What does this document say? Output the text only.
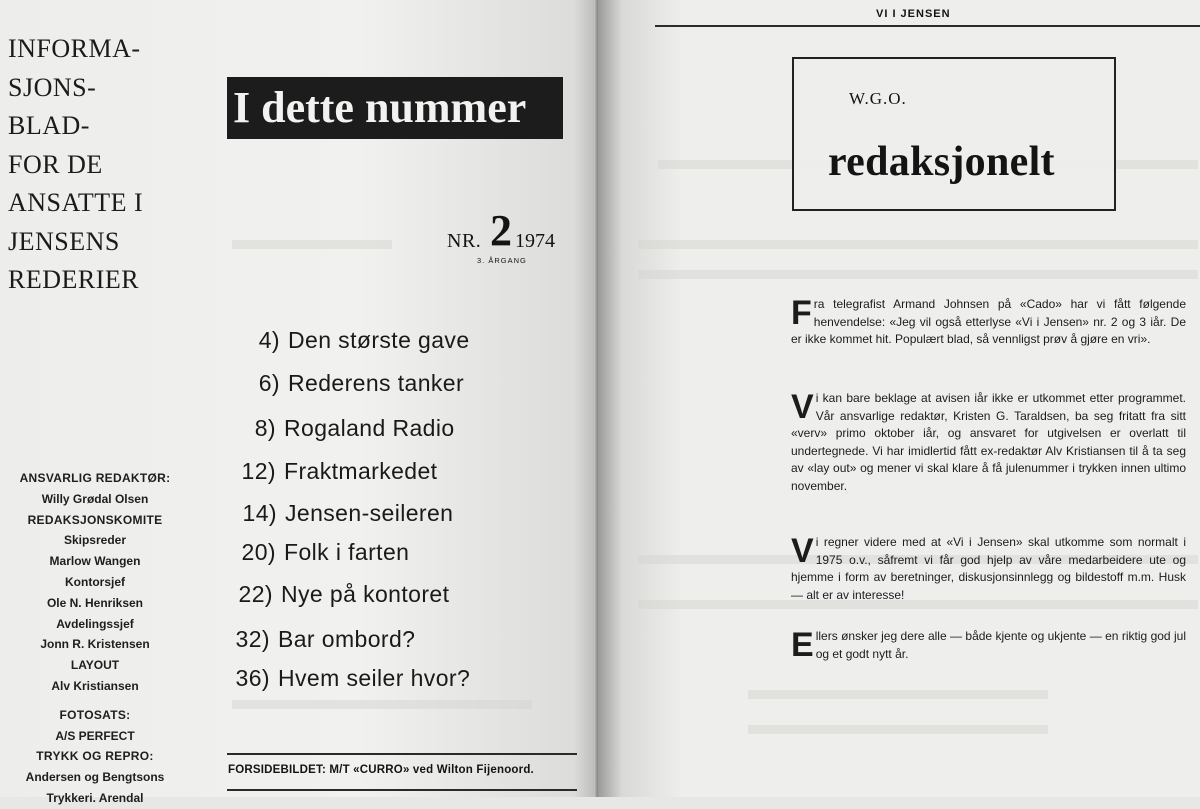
INFORMA-
SJONS-
BLAD-
FOR DE
ANSATTE I
JENSENS
REDERIER
I dette nummer
NR. 2 1974
3. ÅRGANG
4) Den største gave
6) Rederens tanker
8) Rogaland Radio
12) Fraktmarkedet
14) Jensen-seileren
20) Folk i farten
22) Nye på kontoret
32) Bar ombord?
36) Hvem seiler hvor?
ANSVARLIG REDAKTØR:
Willy Grødal Olsen
REDAKSJONSKOMITE
Skipsreder
Marlow Wangen
Kontorsjef
Ole N. Henriksen
Avdelingssjef
Jonn R. Kristensen
LAYOUT
Alv Kristiansen
FOTOSATS:
A/S PERFECT
TRYKK OG REPRO:
Andersen og Bengtsons
Trykkeri. Arendal
FORSIDEBILDET: M/T «CURRO» ved Wilton Fijenoord.
VI I JENSEN
W.G.O.
redaksjonelt
Fra telegrafist Armand Johnsen på «Cado» har vi fått følgende henvendelse: «Jeg vil også etterlyse «Vi i Jensen» nr. 2 og 3 iår. De er ikke kommet hit. Populært blad, så vennligst prøv å gjøre en vri».
Vi kan bare beklage at avisen iår ikke er utkommet etter programmet. Vår ansvarlige redaktør, Kristen G. Taraldsen, ba seg fritatt fra sitt «verv» primo oktober iår, og ansvaret for utgivelsen er overlatt til undertegnede. Vi har imidlertid fått ex-redaktør Alv Kristiansen til å ta seg av «lay out» og mener vi skal klare å få julenummer i trykken innen ultimo november.
Vi regner videre med at «Vi i Jensen» skal utkomme som normalt i 1975 o.v., såfremt vi får god hjelp av våre medarbeidere ute og hjemme i form av beretninger, diskusjonsinnlegg og bildestoff m.m. Husk — alt er av interesse!
Ellers ønsker jeg dere alle — både kjente og ukjente — en riktig god jul og et godt nytt år.
